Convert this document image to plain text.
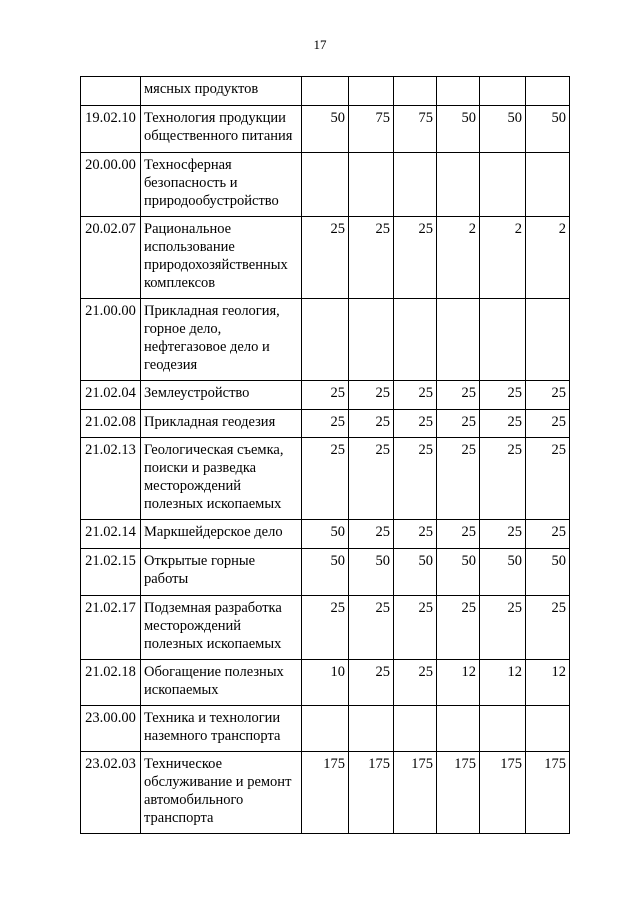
17
	мясных продуктов						
19.02.10	Технология продукции общественного питания	50	75	75	50	50	50
20.00.00	Техносферная безопасность и природообустройство						
20.02.07	Рациональное использование природохозяйственных комплексов	25	25	25	2	2	2
21.00.00	Прикладная геология, горное дело, нефтегазовое дело и геодезия						
21.02.04	Землеустройство	25	25	25	25	25	25
21.02.08	Прикладная геодезия	25	25	25	25	25	25
21.02.13	Геологическая съемка, поиски и разведка месторождений полезных ископаемых	25	25	25	25	25	25
21.02.14	Маркшейдерское дело	50	25	25	25	25	25
21.02.15	Открытые горные работы	50	50	50	50	50	50
21.02.17	Подземная разработка месторождений полезных ископаемых	25	25	25	25	25	25
21.02.18	Обогащение полезных ископаемых	10	25	25	12	12	12
23.00.00	Техника и технологии наземного транспорта						
23.02.03	Техническое обслуживание и ремонт автомобильного транспорта	175	175	175	175	175	175
